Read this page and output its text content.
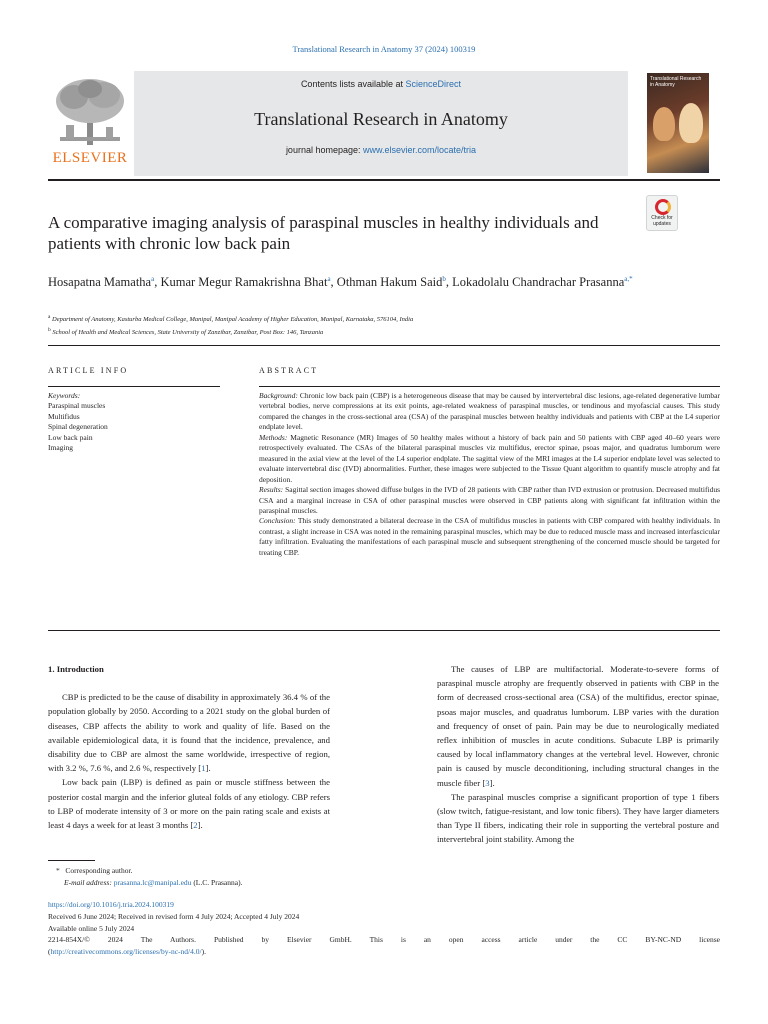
Translational Research in Anatomy 37 (2024) 100319
ELSEVIER
Contents lists available at ScienceDirect
Translational Research in Anatomy
journal homepage: www.elsevier.com/locate/tria
Translational Research in Anatomy
Check for
updates
A comparative imaging analysis of paraspinal muscles in healthy individuals and patients with chronic low back pain
Hosapatna Mamatha$^a$, Kumar Megur Ramakrishna Bhat$^a$, Othman Hakum Said$^b$, Lokadolalu Chandrachar Prasanna$^{a,*}$
$^a$ Department of Anatomy, Kasturba Medical College, Manipal, Manipal Academy of Higher Education, Manipal, Karnataka, 576104, India
$^b$ School of Health and Medical Sciences, State University of Zanzibar, Zanzibar, Post Box: 146, Tanzania
ARTICLE INFO	ABSTRACT
Keywords:
Paraspinal muscles
Multifidus
Spinal degeneration
Low back pain
Imaging
Background: Chronic low back pain (CBP) is a heterogeneous disease that may be caused by intervertebral disc lesions, age-related degenerative lumbar vertebral bodies, nerve compressions at its exit points, age-related weakness of paraspinal muscles, or tendinous and myofascial causes. This study compared the changes in the cross-sectional area (CSA) of the paraspinal muscles between healthy individuals and patients with CBP at the L4 superior endplate level.
Methods: Magnetic Resonance (MR) Images of 50 healthy males without a history of back pain and 50 patients with CBP aged 40–60 years were retrospectively evaluated. The CSAs of the bilateral paraspinal muscles viz multifidus, erector spinae, psoas major, and quadratus lumborum were measured in the axial view at the level of the L4 superior endplate. The sagittal view of the MRI images at the L4 superior endplate level was selected to evaluate intervertebral disc (IVD) abnormalities. Further, these images were subjected to the Tissue Quant algorithm to quantify muscle atrophy and fat deposition.
Results: Sagittal section images showed diffuse bulges in the IVD of 28 patients with CBP rather than IVD extrusion or protrusion. Decreased multifidus CSA and a marginal increase in CSA of other paraspinal muscles were observed in CBP patients along with significant fat infiltration within the paraspinal muscles.
Conclusion: This study demonstrated a bilateral decrease in the CSA of multifidus muscles in patients with CBP compared with healthy individuals. In contrast, a slight increase in CSA was noted in the remaining paraspinal muscles, which may be due to reduced muscle mass and increased interfascicular fatty infiltration. Evaluating the manifestations of each paraspinal muscle and subsequent strengthening of the concerned muscle should be targeted for treating CBP.

1. Introduction

CBP is predicted to be the cause of disability in approximately 36.4 % of the population globally by 2050. According to a 2021 study on the global burden of diseases, CBP affects the ability to work and quality of life. Based on the available epidemiological data, it is found that the incidence, prevalence, and disability due to CBP are almost the same worldwide, irrespective of region, with 3.2 %, 7.6 %, and 2.6 %, respectively [1].

Low back pain (LBP) is defined as pain or muscle stiffness between the posterior costal margin and the inferior gluteal folds of any etiology. CBP refers to LBP of moderate intensity of 3 or more on the pain rating scale and exists at least 4 days a week for at least 3 months [2].

The causes of LBP are multifactorial. Moderate-to-severe forms of paraspinal muscle atrophy are frequently observed in patients with CBP in the form of decreased cross-sectional area (CSA) of the multifidus, erector spinae, psoas major muscles, and quadratus lumborum. LBP varies with the duration and frequency of onset of pain. Pain may be due to neurologically mediated reflex inhibition of muscles in acute conditions. Subacute LBP is primarily caused by local inflammatory changes at the vertebral level. However, chronic pain is caused by muscle deconditioning, including structural changes in the muscle fiber [3].

The paraspinal muscles comprise a significant proportion of type 1 fibers (slow twitch, fatigue-resistant, and low tonic fibers). They have larger diameters than Type II fibers, indicating their role in supporting the vertebral posture and intervertebral joint stability. Among the

* Corresponding author.
E-mail address: prasanna.lc@manipal.edu (L.C. Prasanna).
https://doi.org/10.1016/j.tria.2024.100319
Received 6 June 2024; Received in revised form 4 July 2024; Accepted 4 July 2024
Available online 5 July 2024
2214-854X/© 2024 The Authors. Published by Elsevier GmbH. This is an open access article under the CC BY-NC-ND license
(http://creativecommons.org/licenses/by-nc-nd/4.0/).
